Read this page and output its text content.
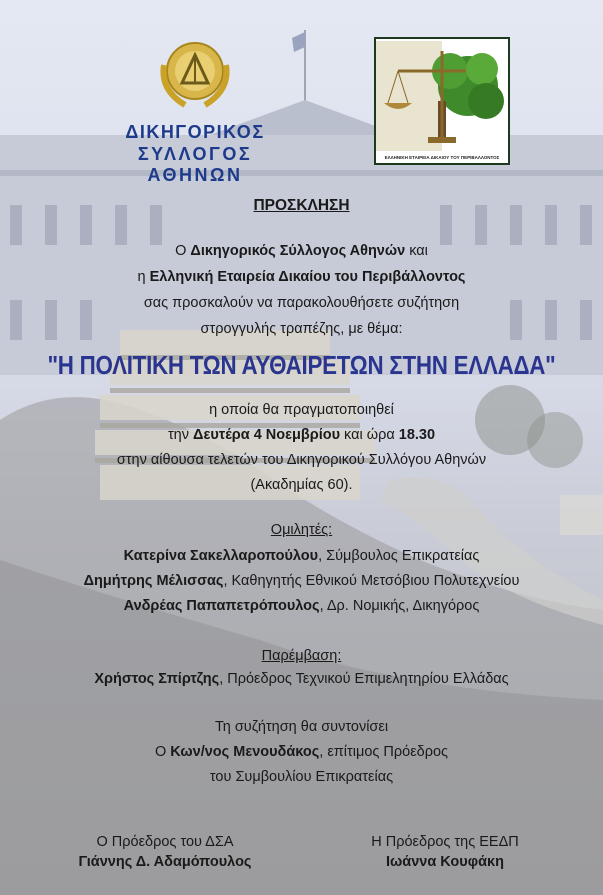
ΔΙΚΗΓΟΡΙΚΟΣ
ΣΥΛΛΟΓΟΣ ΑΘΗΝΩΝ
ΕΛΛΗΝΙΚΗ ΕΤΑΙΡΕΙΑ ΔΙΚΑΙΟΥ ΤΟΥ ΠΕΡΙΒΑΛΛΟΝΤΟΣ
ΠΡΟΣΚΛΗΣΗ
Ο Δικηγορικός Σύλλογος Αθηνών και
η Ελληνική Εταιρεία Δικαίου του Περιβάλλοντος
σας προσκαλούν να παρακολουθήσετε συζήτηση
στρογγυλής τραπέζης, με θέμα:
"Η ΠΟΛΙΤΙΚΗ ΤΩΝ ΑΥΘΑΙΡΕΤΩΝ ΣΤΗΝ ΕΛΛΑΔΑ"
η οποία θα πραγματοποιηθεί
την Δευτέρα 4 Νοεμβρίου και ώρα 18.30
στην αίθουσα τελετών του Δικηγορικού Συλλόγου Αθηνών
(Ακαδημίας 60).
Ομιλητές:
Κατερίνα Σακελλαροπούλου, Σύμβουλος Επικρατείας
Δημήτρης Μέλισσας, Καθηγητής Εθνικού Μετσόβιου Πολυτεχνείου
Ανδρέας Παπαπετρόπουλος, Δρ. Νομικής, Δικηγόρος
Παρέμβαση:
Χρήστος Σπίρτζης, Πρόεδρος Τεχνικού Επιμελητηρίου Ελλάδας
Τη συζήτηση θα συντονίσει
Ο Κων/νος Μενουδάκος, επίτιμος Πρόεδρος
του Συμβουλίου Επικρατείας
Ο Πρόεδρος του ΔΣΑ
Γιάννης Δ. Αδαμόπουλος
Η Πρόεδρος της ΕΕΔΠ
Ιωάννα Κουφάκη
